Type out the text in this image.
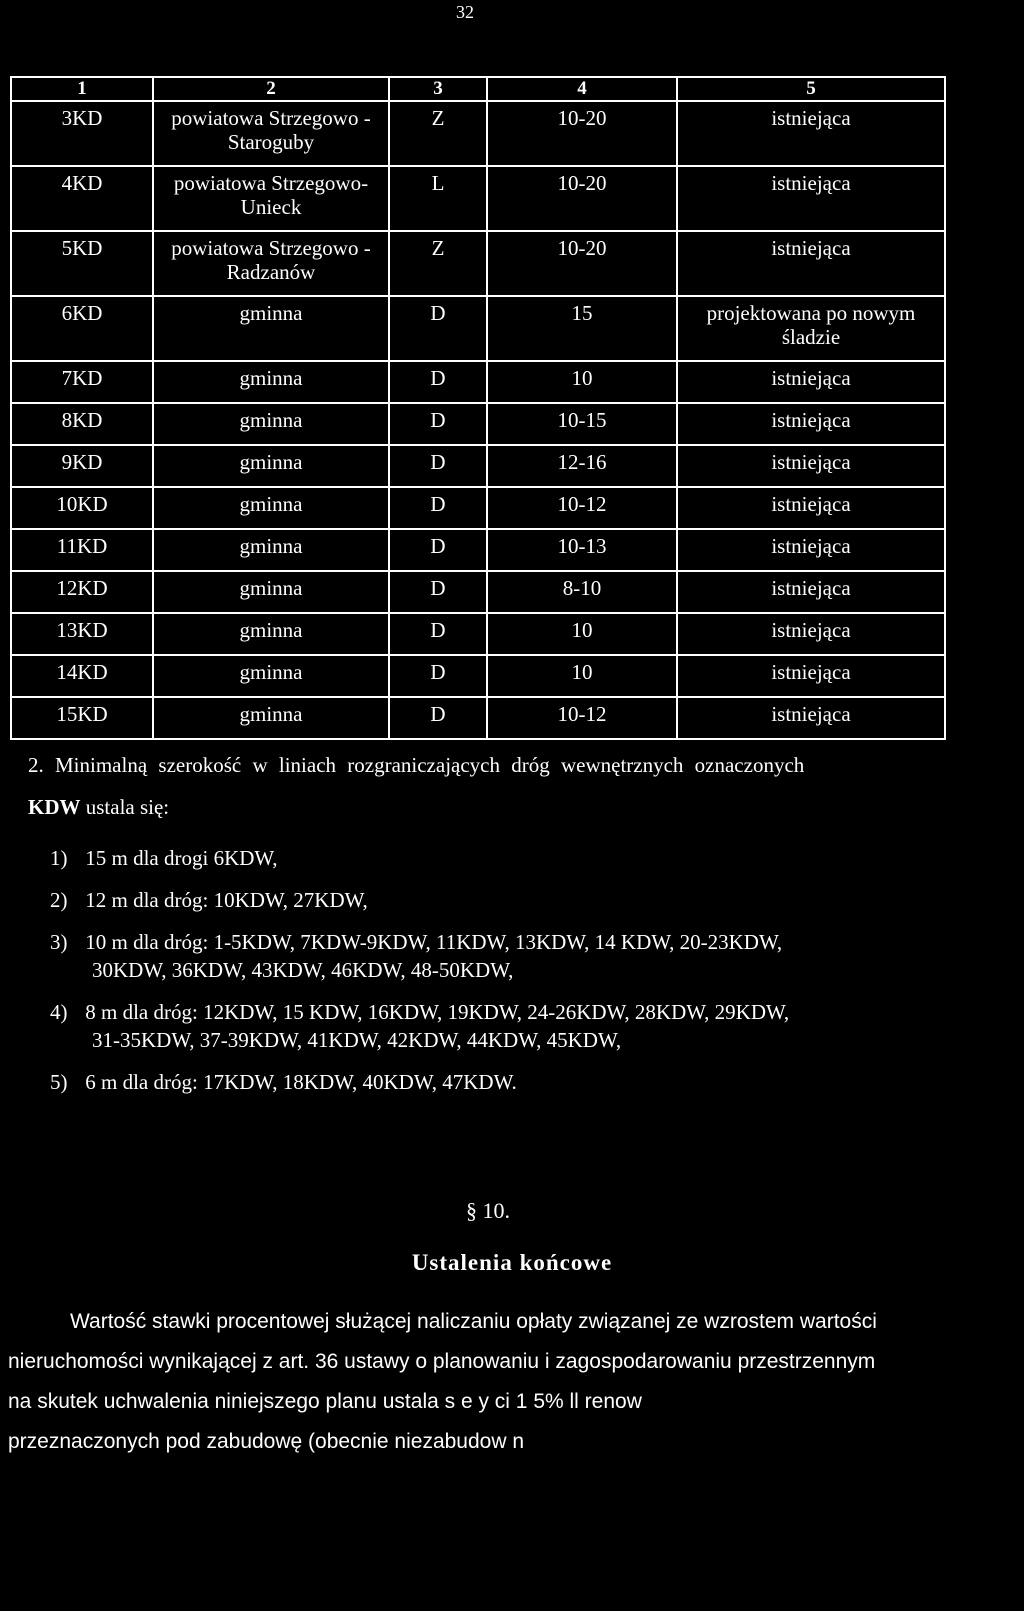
32
1	2	3	4	5
3KD	powiatowa Strzegowo - Staroguby	Z	10-20	istniejąca
4KD	powiatowa Strzegowo- Unieck	L	10-20	istniejąca
5KD	powiatowa Strzegowo - Radzanów	Z	10-20	istniejąca
6KD	gminna	D	15	projektowana po nowym śladzie
7KD	gminna	D	10	istniejąca
8KD	gminna	D	10-15	istniejąca
9KD	gminna	D	12-16	istniejąca
10KD	gminna	D	10-12	istniejąca
11KD	gminna	D	10-13	istniejąca
12KD	gminna	D	8-10	istniejąca
13KD	gminna	D	10	istniejąca
14KD	gminna	D	10	istniejąca
15KD	gminna	D	10-12	istniejąca
2. Minimalną szerokość w liniach rozgraniczających dróg wewnętrznych oznaczonych
KDW ustala się:
1) 15 m dla drogi 6KDW,
2) 12 m dla dróg: 10KDW, 27KDW,
3) 10 m dla dróg: 1-5KDW, 7KDW-9KDW, 11KDW, 13KDW, 14 KDW, 20-23KDW,
30KDW, 36KDW, 43KDW, 46KDW, 48-50KDW,
4) 8 m dla dróg: 12KDW, 15 KDW, 16KDW, 19KDW, 24-26KDW, 28KDW, 29KDW,
31-35KDW, 37-39KDW, 41KDW, 42KDW, 44KDW, 45KDW,
5) 6 m dla dróg: 17KDW, 18KDW, 40KDW, 47KDW.
§ 10.
Ustalenia końcowe
Wartość stawki procentowej służącej naliczaniu opłaty związanej ze wzrostem wartości
nieruchomości wynikającej z art. 36 ustawy o planowaniu i zagospodarowaniu przestrzennym
na skutek uchwalenia niniejszego planu ustala s e y ci 1 5% ll renow
przeznaczonych pod zabudowę (obecnie niezabudow n
